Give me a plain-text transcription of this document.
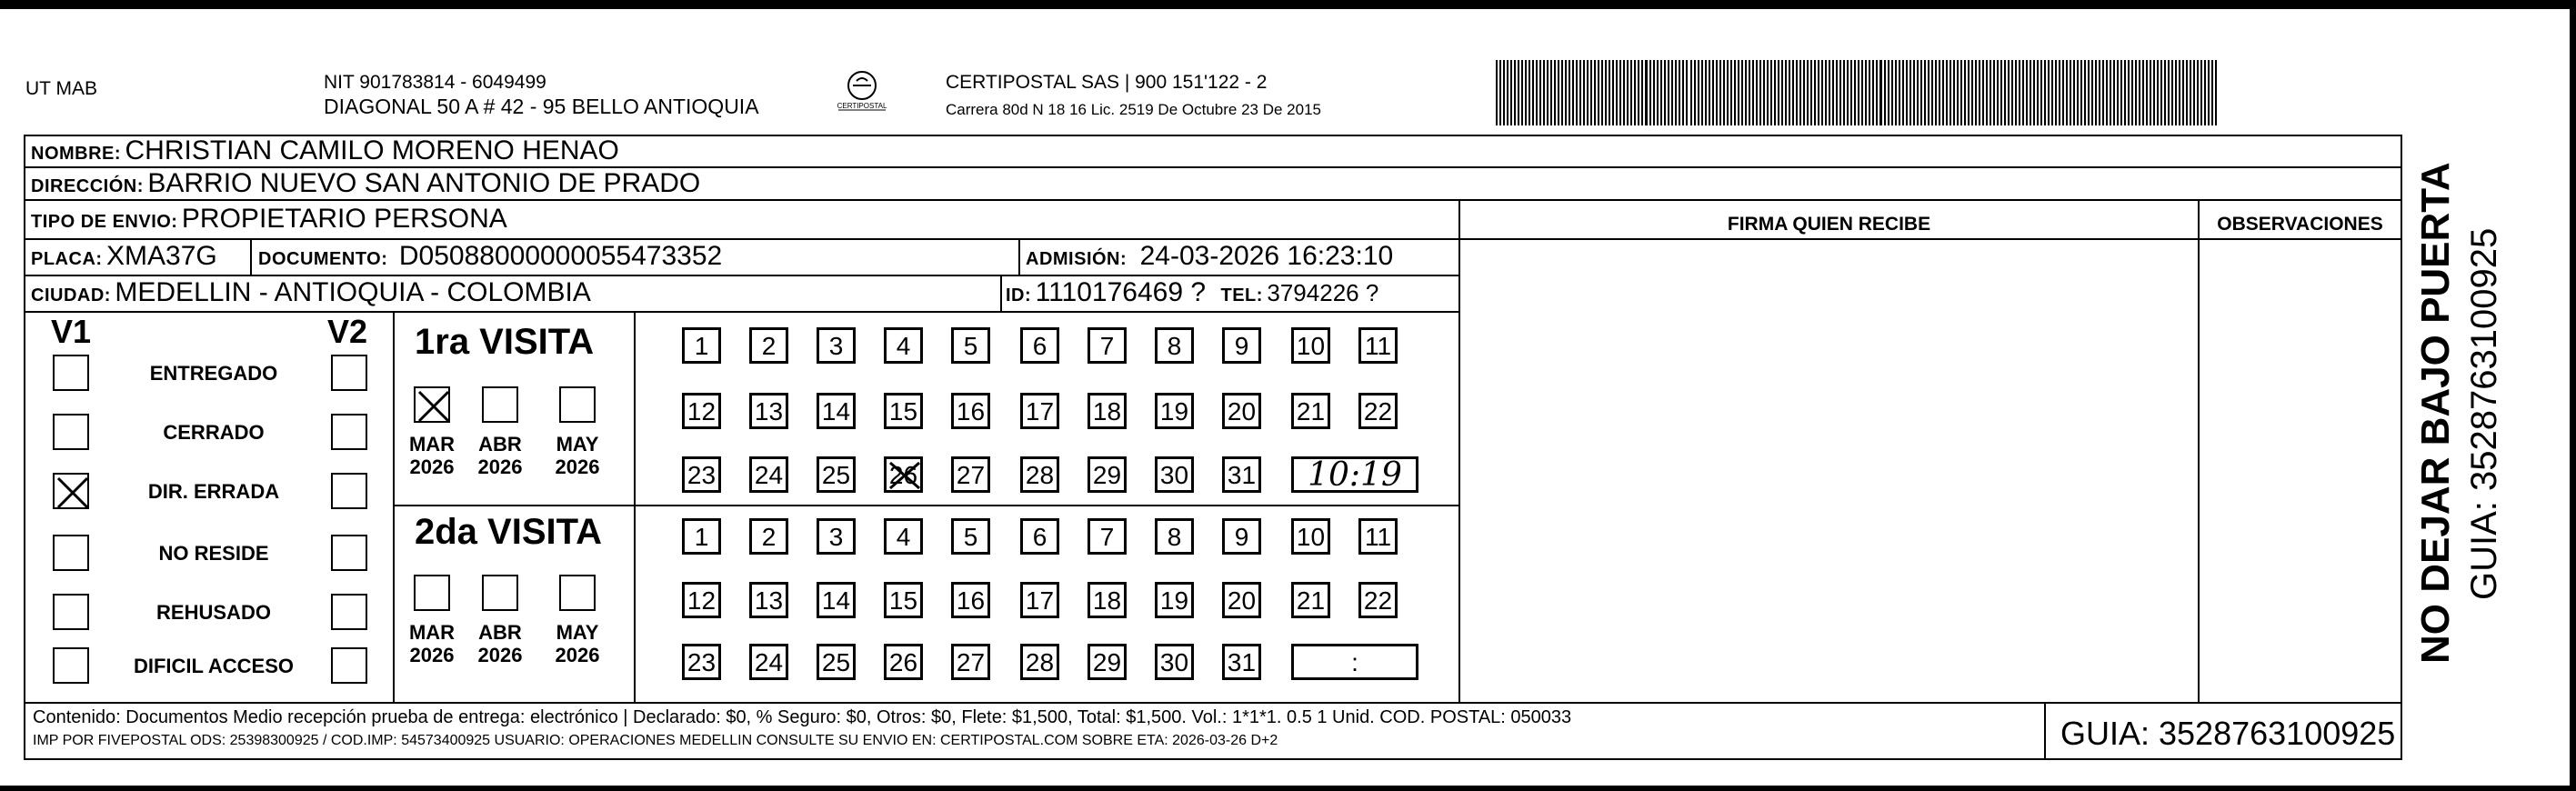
UT MAB	NIT 901783814 - 6049499
DIAGONAL 50 A # 42 - 95 BELLO ANTIOQUIA	CERTIPOSTAL
CERTIPOSTAL SAS | 900 151'122 - 2
Carrera 80d N 18 16 Lic. 2519 De Octubre 23 De 2015
NOMBRE: CHRISTIAN CAMILO MORENO HENAO
DIRECCIÓN: BARRIO NUEVO SAN ANTONIO DE PRADO
TIPO DE ENVIO: PROPIETARIO PERSONA	FIRMA QUIEN RECIBE	OBSERVACIONES
PLACA: XMA37G DOCUMENTO: D05088000000055473352	ADMISIÓN: 24-03-2026 16:23:10
CIUDAD: MEDELLIN - ANTIOQUIA - COLOMBIA	ID: 1110176469 ? TEL: 3794226 ?
V1	V2
ENTREGADO
CERRADO
DIR. ERRADA
NO RESIDE
REHUSADO
DIFICIL ACCESO
1ra VISITA
2da VISITA
MAR
2026
ABR
2026
MAY
2026
MAR
2026
ABR
2026
MAY
2026
1	2	3	4	5	6	7	8	9	10 11
12 13 14 15 16 17 18 19 20 21 22
23 24 25 26 27 28 29 30 31	10:19
1	2	3	4	5	6	7	8	9	10 11
12 13 14 15 16 17 18 19 20 21 22
23 24 25 26 27 28 29 30 31	:	NO DEJAR BAJO PUERTA GUIA: 3528763100925
Contenido: Documentos Medio recepción prueba de entrega: electrónico | Declarado: $0, % Seguro: $0, Otros: $0, Flete: $1,500, Total: $1,500. Vol.: 1*1*1. 0.5 1 Unid. COD. POSTAL: 050033
IMP POR FIVEPOSTAL ODS: 25398300925 / COD.IMP: 54573400925 USUARIO: OPERACIONES MEDELLIN CONSULTE SU ENVIO EN: CERTIPOSTAL.COM SOBRE ETA: 2026-03-26 D+2	GUIA: 3528763100925
